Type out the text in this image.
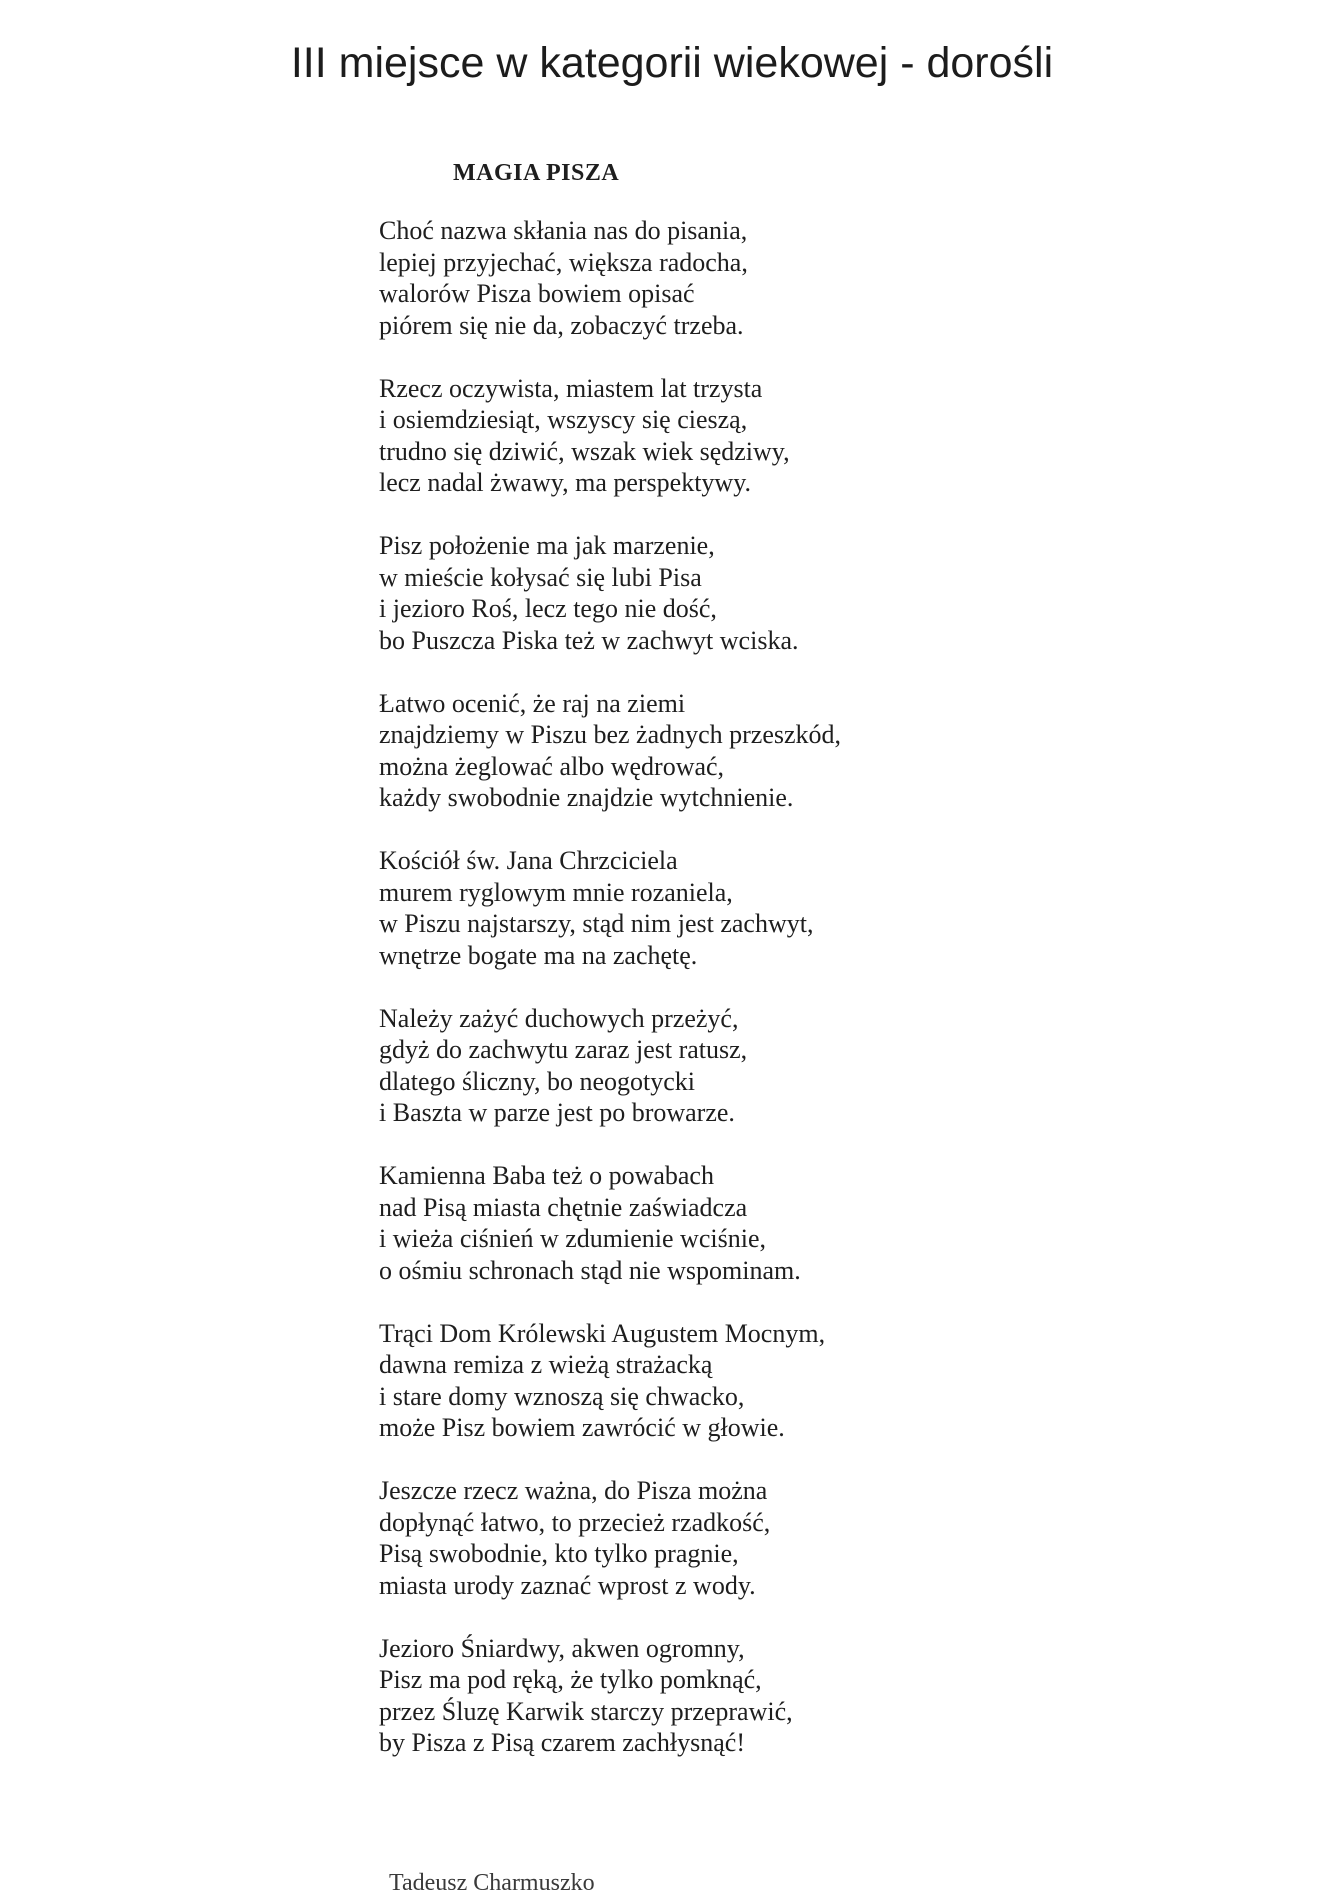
III miejsce w kategorii wiekowej - dorośli
MAGIA PISZA
Choć nazwa skłania nas do pisania,
lepiej przyjechać, większa radocha,
walorów Pisza bowiem opisać
piórem się nie da, zobaczyć trzeba.
Rzecz oczywista, miastem lat trzysta
i osiemdziesiąt, wszyscy się cieszą,
trudno się dziwić, wszak wiek sędziwy,
lecz nadal żwawy, ma perspektywy.
Pisz położenie ma jak marzenie,
w mieście kołysać się lubi Pisa
i jezioro Roś, lecz tego nie dość,
bo Puszcza Piska też w zachwyt wciska.
Łatwo ocenić, że raj na ziemi
znajdziemy w Piszu bez żadnych przeszkód,
można żeglować albo wędrować,
każdy swobodnie znajdzie wytchnienie.
Kościół św. Jana Chrzciciela
murem ryglowym mnie rozaniela,
w Piszu najstarszy, stąd nim jest zachwyt,
wnętrze bogate ma na zachętę.
Należy zażyć duchowych przeżyć,
gdyż do zachwytu zaraz jest ratusz,
dlatego śliczny, bo neogotycki
i Baszta w parze jest po browarze.
Kamienna Baba też o powabach
nad Pisą miasta chętnie zaświadcza
i wieża ciśnień w zdumienie wciśnie,
o ośmiu schronach stąd nie wspominam.
Trąci Dom Królewski Augustem Mocnym,
dawna remiza z wieżą strażacką
i stare domy wznoszą się chwacko,
może Pisz bowiem zawrócić w głowie.
Jeszcze rzecz ważna, do Pisza można
dopłynąć łatwo, to przecież rzadkość,
Pisą swobodnie, kto tylko pragnie,
miasta urody zaznać wprost z wody.
Jezioro Śniardwy, akwen ogromny,
Pisz ma pod ręką, że tylko pomknąć,
przez Śluzę Karwik starczy przeprawić,
by Pisza z Pisą czarem zachłysnąć!
Tadeusz Charmuszko
